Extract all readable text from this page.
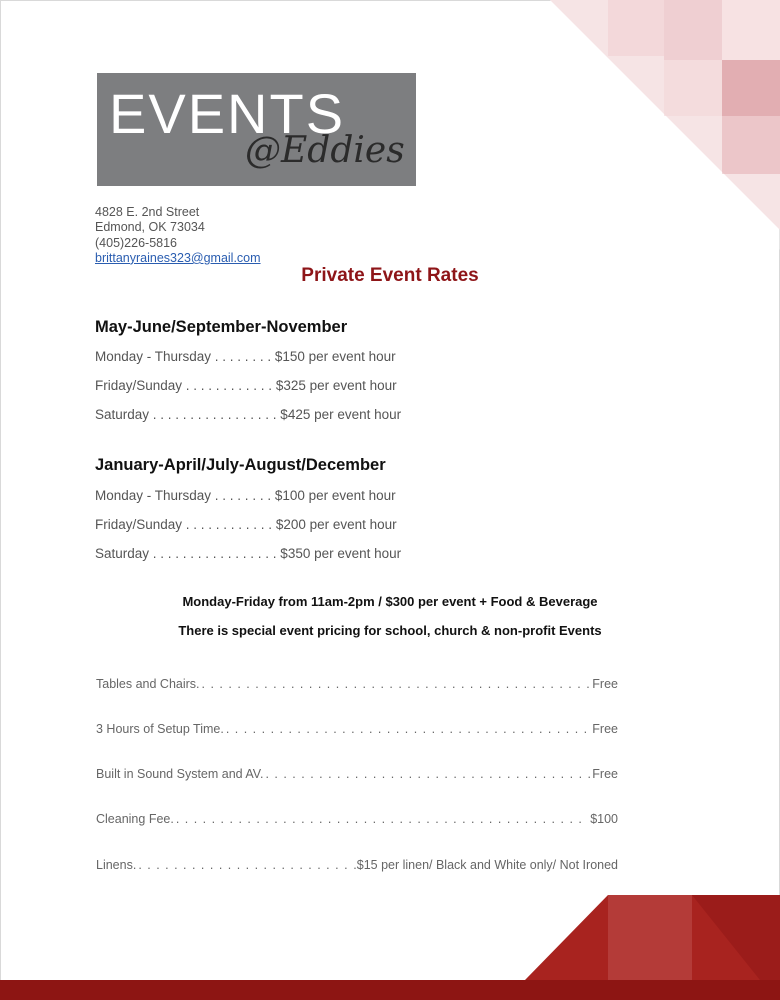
EVENTS
@Eddies
4828 E. 2nd Street
Edmond, OK 73034
(405)226-5816
brittanyraines323@gmail.com
Private Event Rates
May-June/September-November
Monday - Thursday . . . . . . . . $150 per event hour
Friday/Sunday . . . . . . . . . . . . $325 per event hour
Saturday . . . . . . . . . . . . . . . . . $425 per event hour
January-April/July-August/December
Monday - Thursday . . . . . . . . $100 per event hour
Friday/Sunday . . . . . . . . . . . . $200 per event hour
Saturday . . . . . . . . . . . . . . . . . $350 per event hour
Monday-Friday from 11am-2pm / $300 per event + Food & Beverage
There is special event pricing for school, church & non-profit Events
Tables and Chairs. . . .	Free
3 Hours of Setup Time. . . .	Free
Built in Sound System and AV. . . .	Free
Cleaning Fee. . . .	$100
Linens. . . .	.$15 per linen/ Black and White only/ Not Ironed
